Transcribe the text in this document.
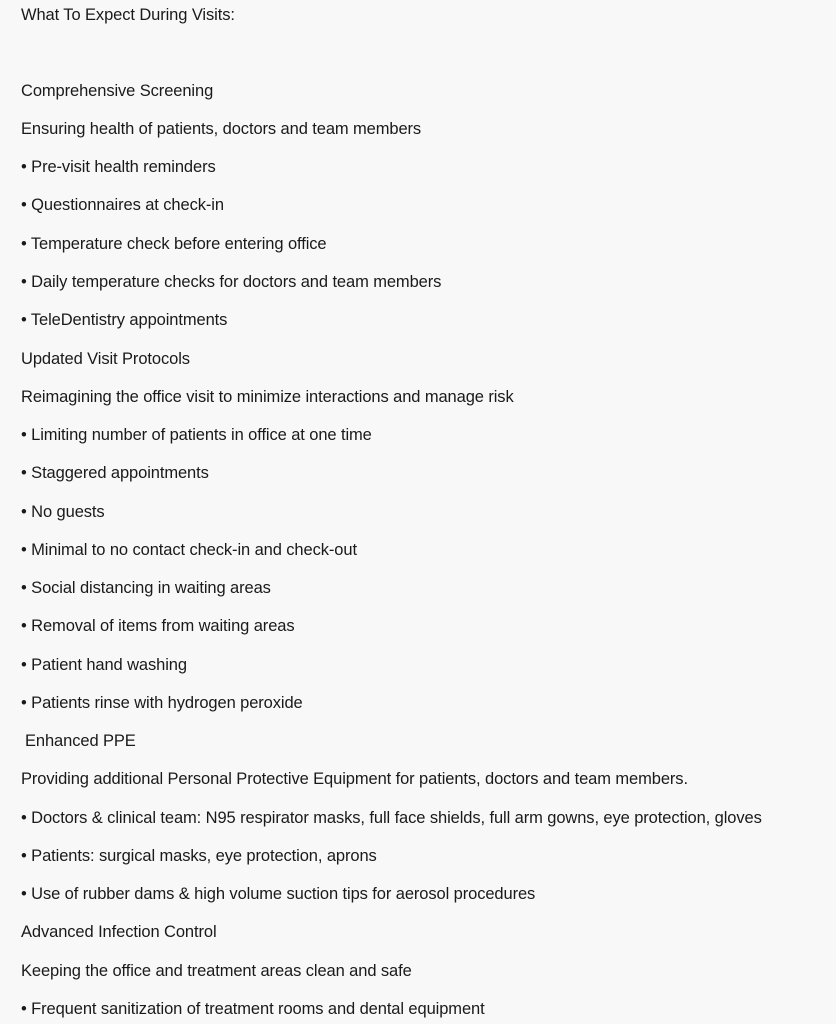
What To Expect During Visits:
Comprehensive Screening
Ensuring health of patients, doctors and team members
• Pre-visit health reminders
• Questionnaires at check-in
• Temperature check before entering office
• Daily temperature checks for doctors and team members
• TeleDentistry appointments
Updated Visit Protocols
Reimagining the office visit to minimize interactions and manage risk
• Limiting number of patients in office at one time
• Staggered appointments
• No guests
• Minimal to no contact check-in and check-out
• Social distancing in waiting areas
• Removal of items from waiting areas
• Patient hand washing
• Patients rinse with hydrogen peroxide
Enhanced PPE
Providing additional Personal Protective Equipment for patients, doctors and team members.
• Doctors & clinical team: N95 respirator masks, full face shields, full arm gowns, eye protection, gloves
• Patients: surgical masks, eye protection, aprons
• Use of rubber dams & high volume suction tips for aerosol procedures
Advanced Infection Control
Keeping the office and treatment areas clean and safe
• Frequent sanitization of treatment rooms and dental equipment
